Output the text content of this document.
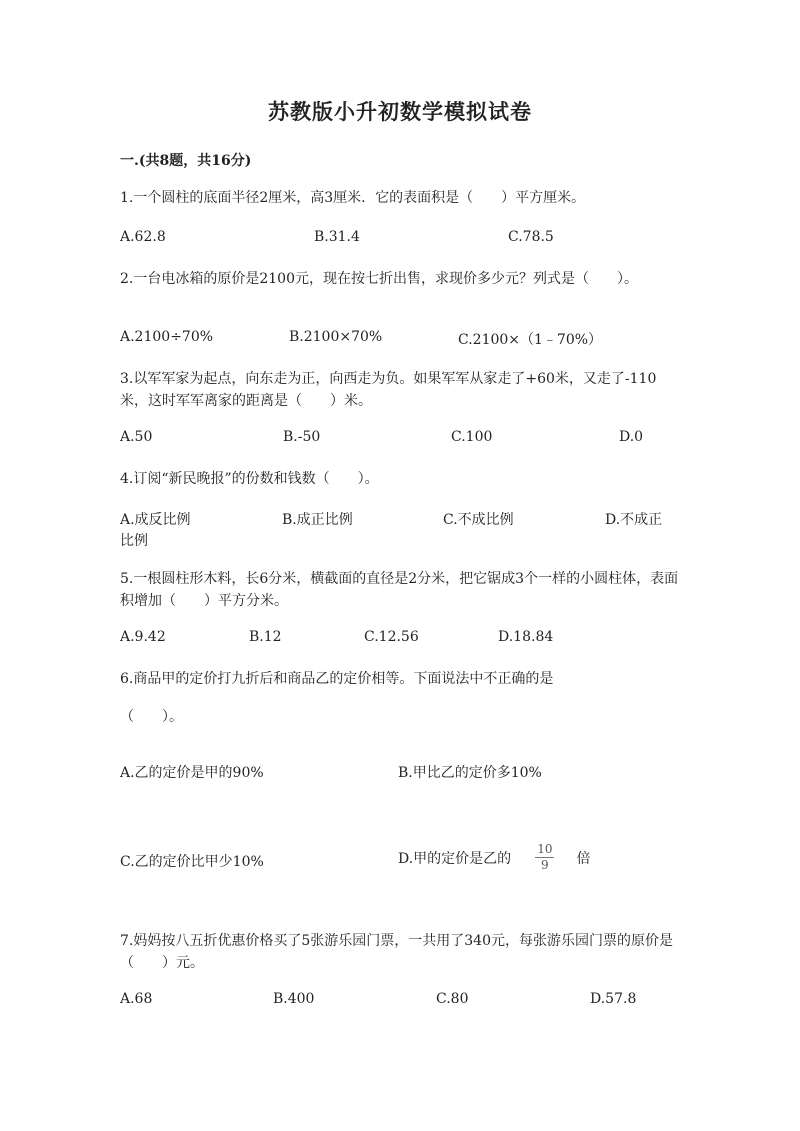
苏教版小升初数学模拟试卷
一.(共8题，共16分)
1.一个圆柱的底面半径2厘米，高3厘米．它的表面积是（　　）平方厘米。
A.62.8	B.31.4	C.78.5
2.一台电冰箱的原价是2100元，现在按七折出售，求现价多少元？列式是（　　）。
A.2100÷70%	B.2100×70%	C.2100×（1﹣70%）
3.以军军家为起点，向东走为正，向西走为负。如果军军从家走了+60米，又走了-110米，这时军军离家的距离是（　　）米。
A.50	B.-50	C.100	D.0
4.订阅“新民晚报”的份数和钱数（　　）。
A.成反比例	B.成正比例	C.不成比例	D.不成正
比例
5.一根圆柱形木料，长6分米，横截面的直径是2分米，把它锯成3个一样的小圆柱体，表面积增加（　　）平方分米。
A.9.42	B.12	C.12.56	D.18.84
6.商品甲的定价打九折后和商品乙的定价相等。下面说法中不正确的是
（　　）。
A.乙的定价是甲的90%	B.甲比乙的定价多10%
C.乙的定价比甲少10%	D.甲的定价是乙的 $\frac{10}{9}$ 倍
7.妈妈按八五折优惠价格买了5张游乐园门票，一共用了340元，每张游乐园门票的原价是（　　）元。
A.68	B.400	C.80	D.57.8
